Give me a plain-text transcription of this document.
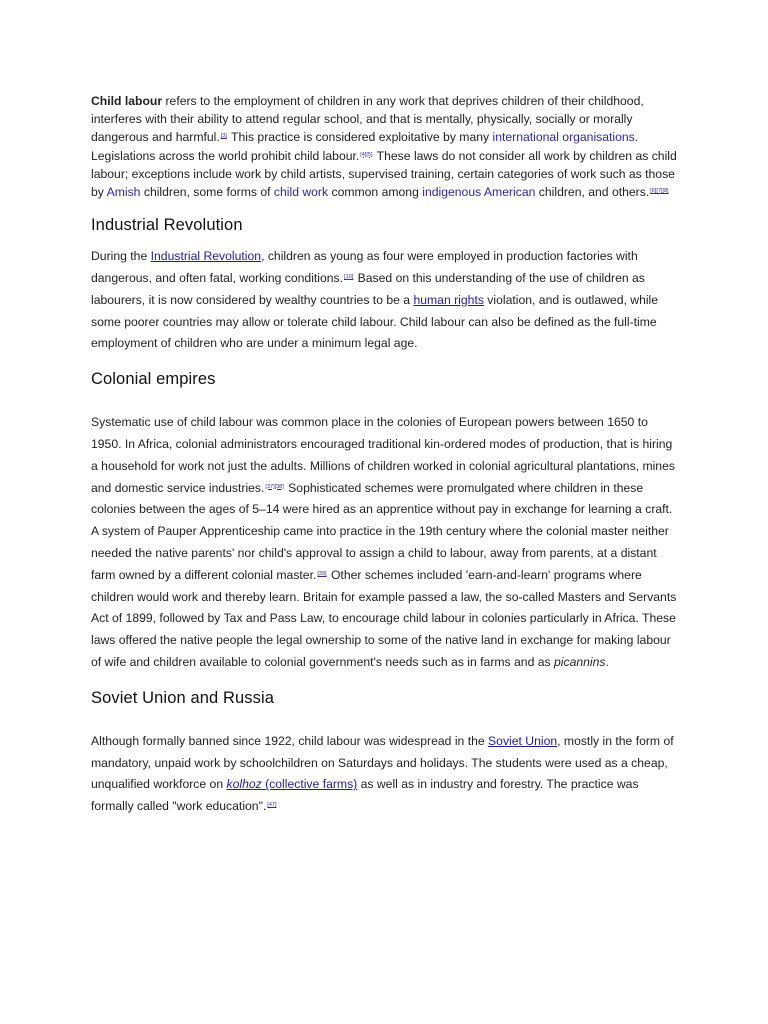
Child labour refers to the employment of children in any work that deprives children of their childhood, interferes with their ability to attend regular school, and that is mentally, physically, socially or morally dangerous and harmful.[3] This practice is considered exploitative by many international organisations. Legislations across the world prohibit child labour.[4][5] These laws do not consider all work by children as child labour; exceptions include work by child artists, supervised training, certain categories of work such as those by Amish children, some forms of child work common among indigenous American children, and others.[6][7][8]

Industrial Revolution

During the Industrial Revolution, children as young as four were employed in production factories with dangerous, and often fatal, working conditions.[10] Based on this understanding of the use of children as labourers, it is now considered by wealthy countries to be a human rights violation, and is outlawed, while some poorer countries may allow or tolerate child labour. Child labour can also be defined as the full-time employment of children who are under a minimum legal age.

Colonial empires

Systematic use of child labour was common place in the colonies of European powers between 1650 to 1950. In Africa, colonial administrators encouraged traditional kin-ordered modes of production, that is hiring a household for work not just the adults. Millions of children worked in colonial agricultural plantations, mines and domestic service industries.[37][38] Sophisticated schemes were promulgated where children in these colonies between the ages of 5–14 were hired as an apprentice without pay in exchange for learning a craft. A system of Pauper Apprenticeship came into practice in the 19th century where the colonial master neither needed the native parents' nor child's approval to assign a child to labour, away from parents, at a distant farm owned by a different colonial master.[39] Other schemes included 'earn-and-learn' programs where children would work and thereby learn. Britain for example passed a law, the so-called Masters and Servants Act of 1899, followed by Tax and Pass Law, to encourage child labour in colonies particularly in Africa. These laws offered the native people the legal ownership to some of the native land in exchange for making labour of wife and children available to colonial government's needs such as in farms and as picannins.

Soviet Union and Russia

Although formally banned since 1922, child labour was widespread in the Soviet Union, mostly in the form of mandatory, unpaid work by schoolchildren on Saturdays and holidays. The students were used as a cheap, unqualified workforce on kolhoz (collective farms) as well as in industry and forestry. The practice was formally called "work education".[47]
